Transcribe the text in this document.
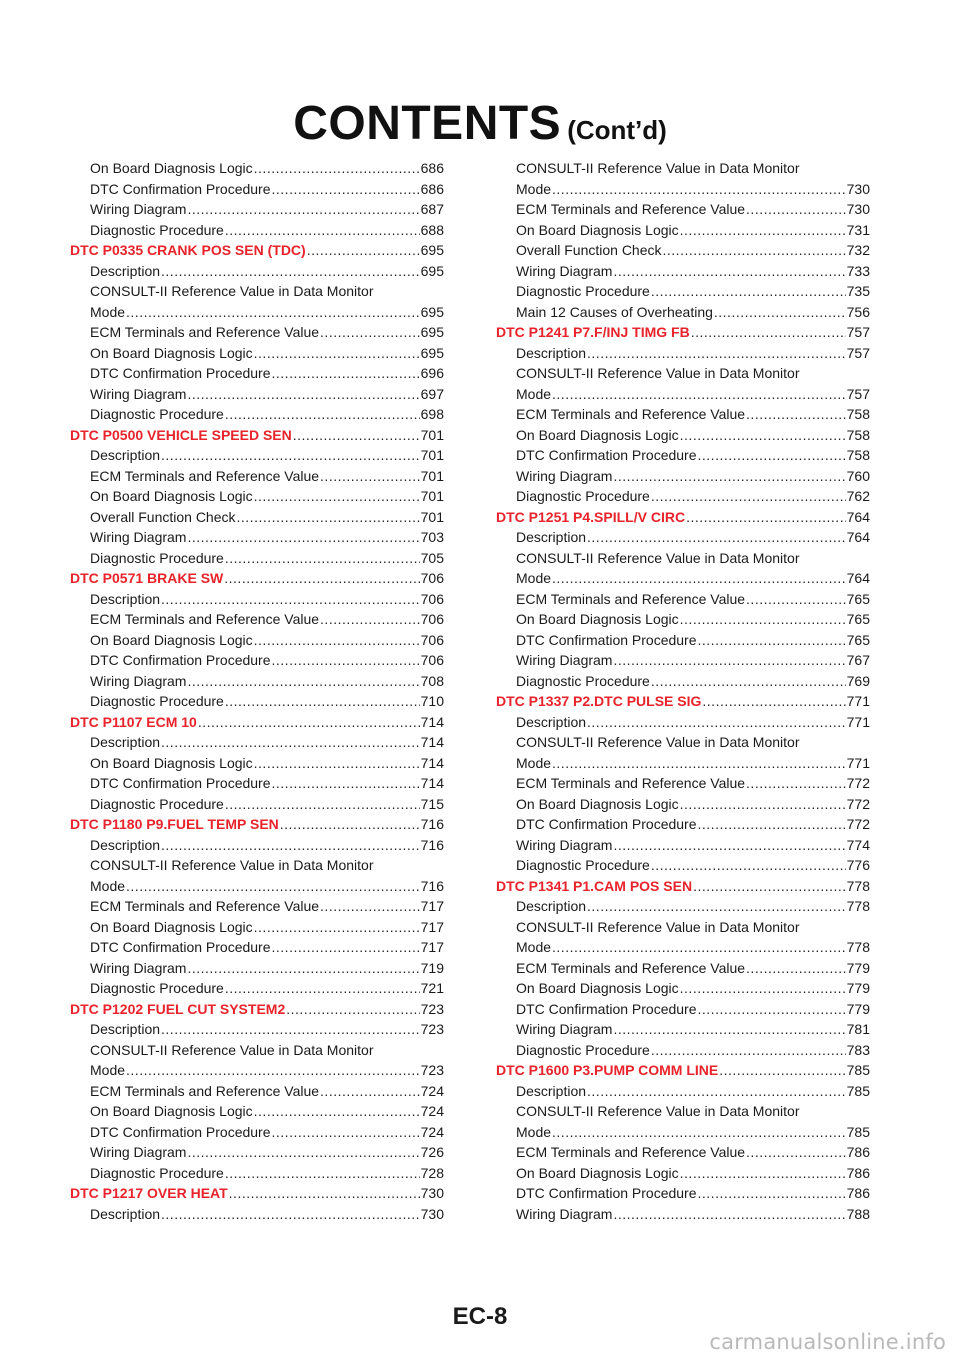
CONTENTS (Cont’d)
On Board Diagnosis Logic .....	686
DTC Confirmation Procedure .....	686
Wiring Diagram .....	687
Diagnostic Procedure .....	688
DTC P0335 CRANK POS SEN (TDC) .....	695
Description .....	695
CONSULT-II Reference Value in Data Monitor
Mode .....	695
ECM Terminals and Reference Value .....	695
On Board Diagnosis Logic .....	695
DTC Confirmation Procedure .....	696
Wiring Diagram .....	697
Diagnostic Procedure .....	698
DTC P0500 VEHICLE SPEED SEN .....	701
Description .....	701
ECM Terminals and Reference Value .....	701
On Board Diagnosis Logic .....	701
Overall Function Check .....	701
Wiring Diagram .....	703
Diagnostic Procedure .....	705
DTC P0571 BRAKE SW .....	706
Description .....	706
ECM Terminals and Reference Value .....	706
On Board Diagnosis Logic .....	706
DTC Confirmation Procedure .....	706
Wiring Diagram .....	708
Diagnostic Procedure .....	710
DTC P1107 ECM 10 .....	714
Description .....	714
On Board Diagnosis Logic .....	714
DTC Confirmation Procedure .....	714
Diagnostic Procedure .....	715
DTC P1180 P9.FUEL TEMP SEN .....	716
Description .....	716
CONSULT-II Reference Value in Data Monitor
Mode .....	716
ECM Terminals and Reference Value .....	717
On Board Diagnosis Logic .....	717
DTC Confirmation Procedure .....	717
Wiring Diagram .....	719
Diagnostic Procedure .....	721
DTC P1202 FUEL CUT SYSTEM2 .....	723
Description .....	723
CONSULT-II Reference Value in Data Monitor
Mode .....	723
ECM Terminals and Reference Value .....	724
On Board Diagnosis Logic .....	724
DTC Confirmation Procedure .....	724
Wiring Diagram .....	726
Diagnostic Procedure .....	728
DTC P1217 OVER HEAT .....	730
Description .....	730
CONSULT-II Reference Value in Data Monitor
Mode .....	730
ECM Terminals and Reference Value .....	730
On Board Diagnosis Logic .....	731
Overall Function Check .....	732
Wiring Diagram .....	733
Diagnostic Procedure .....	735
Main 12 Causes of Overheating .....	756
DTC P1241 P7.F/INJ TIMG FB .....	757
Description .....	757
CONSULT-II Reference Value in Data Monitor
Mode .....	757
ECM Terminals and Reference Value .....	758
On Board Diagnosis Logic .....	758
DTC Confirmation Procedure .....	758
Wiring Diagram .....	760
Diagnostic Procedure .....	762
DTC P1251 P4.SPILL/V CIRC .....	764
Description .....	764
CONSULT-II Reference Value in Data Monitor
Mode .....	764
ECM Terminals and Reference Value .....	765
On Board Diagnosis Logic .....	765
DTC Confirmation Procedure .....	765
Wiring Diagram .....	767
Diagnostic Procedure .....	769
DTC P1337 P2.DTC PULSE SIG .....	771
Description .....	771
CONSULT-II Reference Value in Data Monitor
Mode .....	771
ECM Terminals and Reference Value .....	772
On Board Diagnosis Logic .....	772
DTC Confirmation Procedure .....	772
Wiring Diagram .....	774
Diagnostic Procedure .....	776
DTC P1341 P1.CAM POS SEN .....	778
Description .....	778
CONSULT-II Reference Value in Data Monitor
Mode .....	778
ECM Terminals and Reference Value .....	779
On Board Diagnosis Logic .....	779
DTC Confirmation Procedure .....	779
Wiring Diagram .....	781
Diagnostic Procedure .....	783
DTC P1600 P3.PUMP COMM LINE .....	785
Description .....	785
CONSULT-II Reference Value in Data Monitor
Mode .....	785
ECM Terminals and Reference Value .....	786
On Board Diagnosis Logic .....	786
DTC Confirmation Procedure .....	786
Wiring Diagram .....	788
EC-8
carmanualsonline.info
